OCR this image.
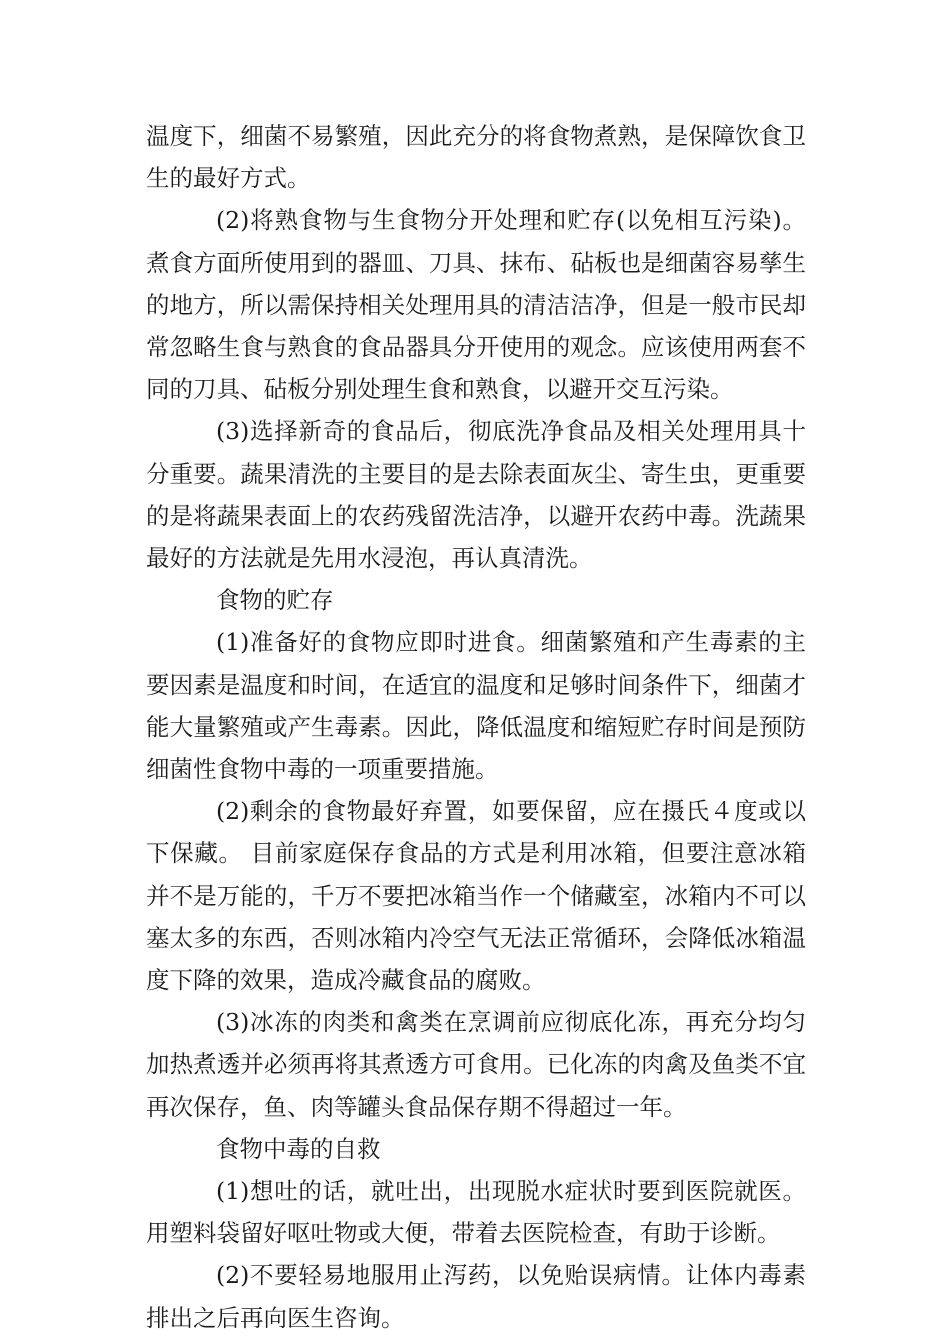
温度下，细菌不易繁殖，因此充分的将食物煮熟，是保障饮食卫生的最好方式。

(2)将熟食物与生食物分开处理和贮存(以免相互污染)。煮食方面所使用到的器皿、刀具、抹布、砧板也是细菌容易孳生的地方，所以需保持相关处理用具的清洁洁净，但是一般市民却常忽略生食与熟食的食品器具分开使用的观念。应该使用两套不同的刀具、砧板分别处理生食和熟食，以避开交互污染。

(3)选择新奇的食品后，彻底洗净食品及相关处理用具十分重要。蔬果清洗的主要目的是去除表面灰尘、寄生虫，更重要的是将蔬果表面上的农药残留洗洁净，以避开农药中毒。洗蔬果最好的方法就是先用水浸泡，再认真清洗。

食物的贮存

(1)准备好的食物应即时进食。细菌繁殖和产生毒素的主要因素是温度和时间，在适宜的温度和足够时间条件下，细菌才能大量繁殖或产生毒素。因此，降低温度和缩短贮存时间是预防细菌性食物中毒的一项重要措施。

(2)剩余的食物最好弃置，如要保留，应在摄氏４度或以下保藏。 目前家庭保存食品的方式是利用冰箱，但要注意冰箱并不是万能的，千万不要把冰箱当作一个储藏室，冰箱内不可以塞太多的东西，否则冰箱内冷空气无法正常循环，会降低冰箱温度下降的效果，造成冷藏食品的腐败。

(3)冰冻的肉类和禽类在烹调前应彻底化冻，再充分均匀加热煮透并必须再将其煮透方可食用。已化冻的肉禽及鱼类不宜再次保存，鱼、肉等罐头食品保存期不得超过一年。

食物中毒的自救

(1)想吐的话，就吐出，出现脱水症状时要到医院就医。用塑料袋留好呕吐物或大便，带着去医院检查，有助于诊断。

(2)不要轻易地服用止泻药，以免贻误病情。让体内毒素排出之后再向医生咨询。
